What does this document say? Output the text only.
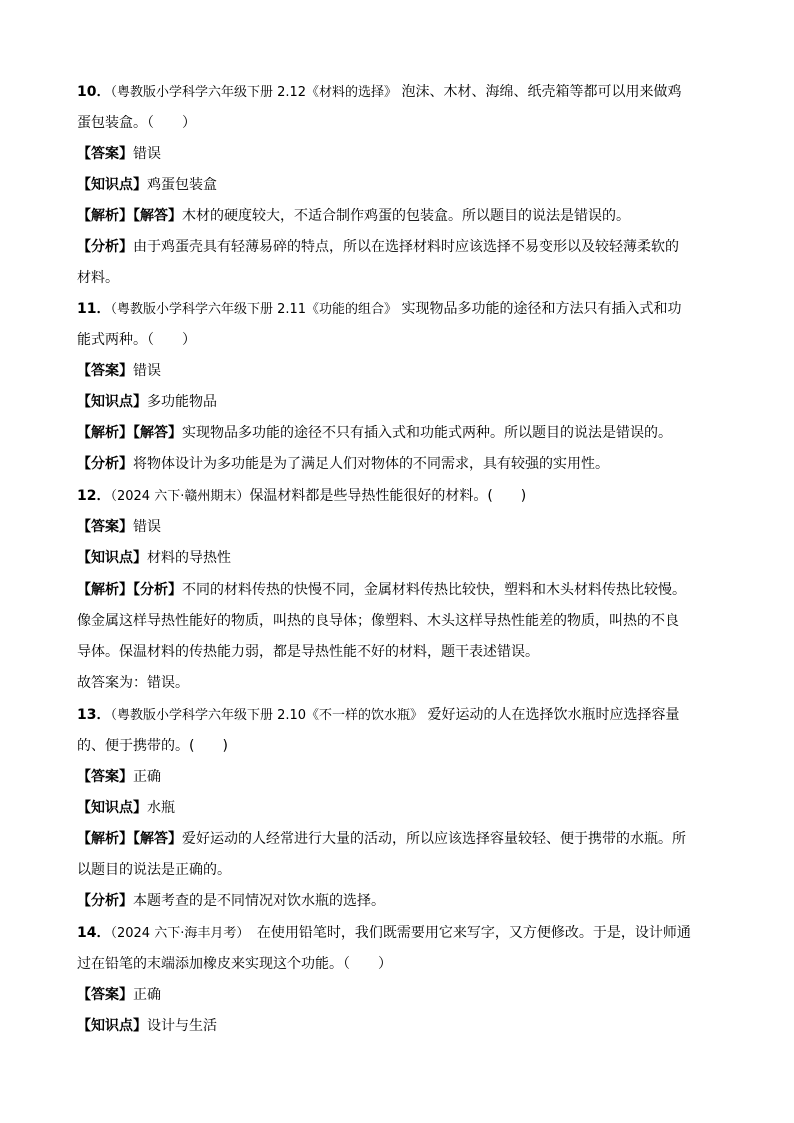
10．（粤教版小学科学六年级下册 2.12《材料的选择》 泡沫、木材、海绵、纸壳箱等都可以用来做鸡
蛋包装盒。（　　）
【答案】错误
【知识点】鸡蛋包装盒
【解析】【解答】木材的硬度较大，不适合制作鸡蛋的包装盒。所以题目的说法是错误的。
【分析】由于鸡蛋壳具有轻薄易碎的特点，所以在选择材料时应该选择不易变形以及较轻薄柔软的
材料。
11．（粤教版小学科学六年级下册 2.11《功能的组合》 实现物品多功能的途径和方法只有插入式和功
能式两种。（　　）
【答案】错误
【知识点】多功能物品
【解析】【解答】实现物品多功能的途径不只有插入式和功能式两种。所以题目的说法是错误的。
【分析】将物体设计为多功能是为了满足人们对物体的不同需求，具有较强的实用性。
12．（2024 六下·赣州期末）保温材料都是些导热性能很好的材料。(　　)
【答案】错误
【知识点】材料的导热性
【解析】【分析】不同的材料传热的快慢不同，金属材料传热比较快，塑料和木头材料传热比较慢。
像金属这样导热性能好的物质，叫热的良导体；像塑料、木头这样导热性能差的物质，叫热的不良
导体。保温材料的传热能力弱，都是导热性能不好的材料，题干表述错误。
故答案为：错误。
13．（粤教版小学科学六年级下册 2.10《不一样的饮水瓶》 爱好运动的人在选择饮水瓶时应选择容量
的、便于携带的。(　　)
【答案】正确
【知识点】水瓶
【解析】【解答】爱好运动的人经常进行大量的活动，所以应该选择容量较轻、便于携带的水瓶。所
以题目的说法是正确的。
【分析】本题考查的是不同情况对饮水瓶的选择。
14．（2024 六下·海丰月考）　在使用铅笔时，我们既需要用它来写字，又方便修改。于是，设计师通
过在铅笔的末端添加橡皮来实现这个功能。（　　）
【答案】正确
【知识点】设计与生活
